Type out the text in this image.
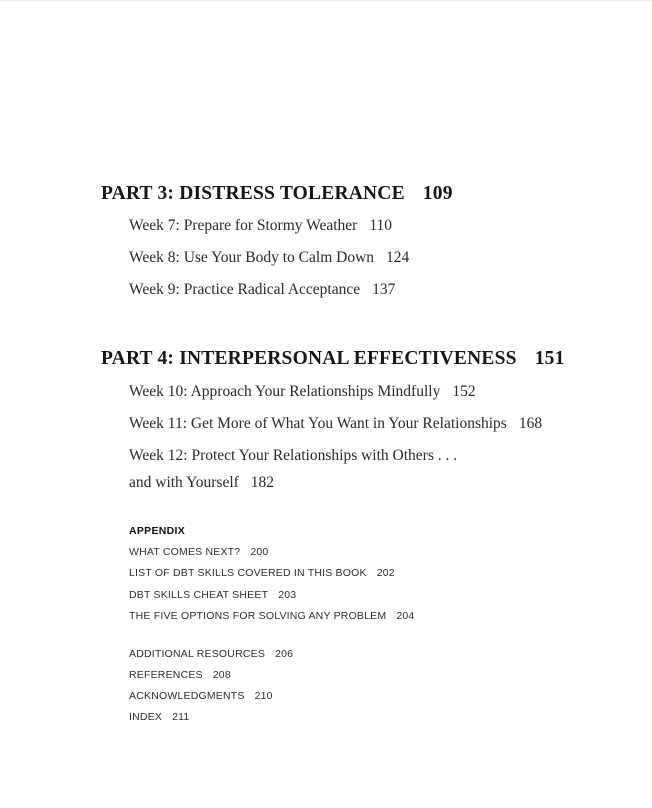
PART 3: DISTRESS TOLERANCE 109
Week 7: Prepare for Stormy Weather 110
Week 8: Use Your Body to Calm Down 124
Week 9: Practice Radical Acceptance 137
PART 4: INTERPERSONAL EFFECTIVENESS 151
Week 10: Approach Your Relationships Mindfully 152
Week 11: Get More of What You Want in Your Relationships 168
Week 12: Protect Your Relationships with Others . . .
and with Yourself 182
APPENDIX
WHAT COMES NEXT? 200
LIST OF DBT SKILLS COVERED IN THIS BOOK 202
DBT SKILLS CHEAT SHEET 203
THE FIVE OPTIONS FOR SOLVING ANY PROBLEM 204
ADDITIONAL RESOURCES 206
REFERENCES 208
ACKNOWLEDGMENTS 210
INDEX 211
